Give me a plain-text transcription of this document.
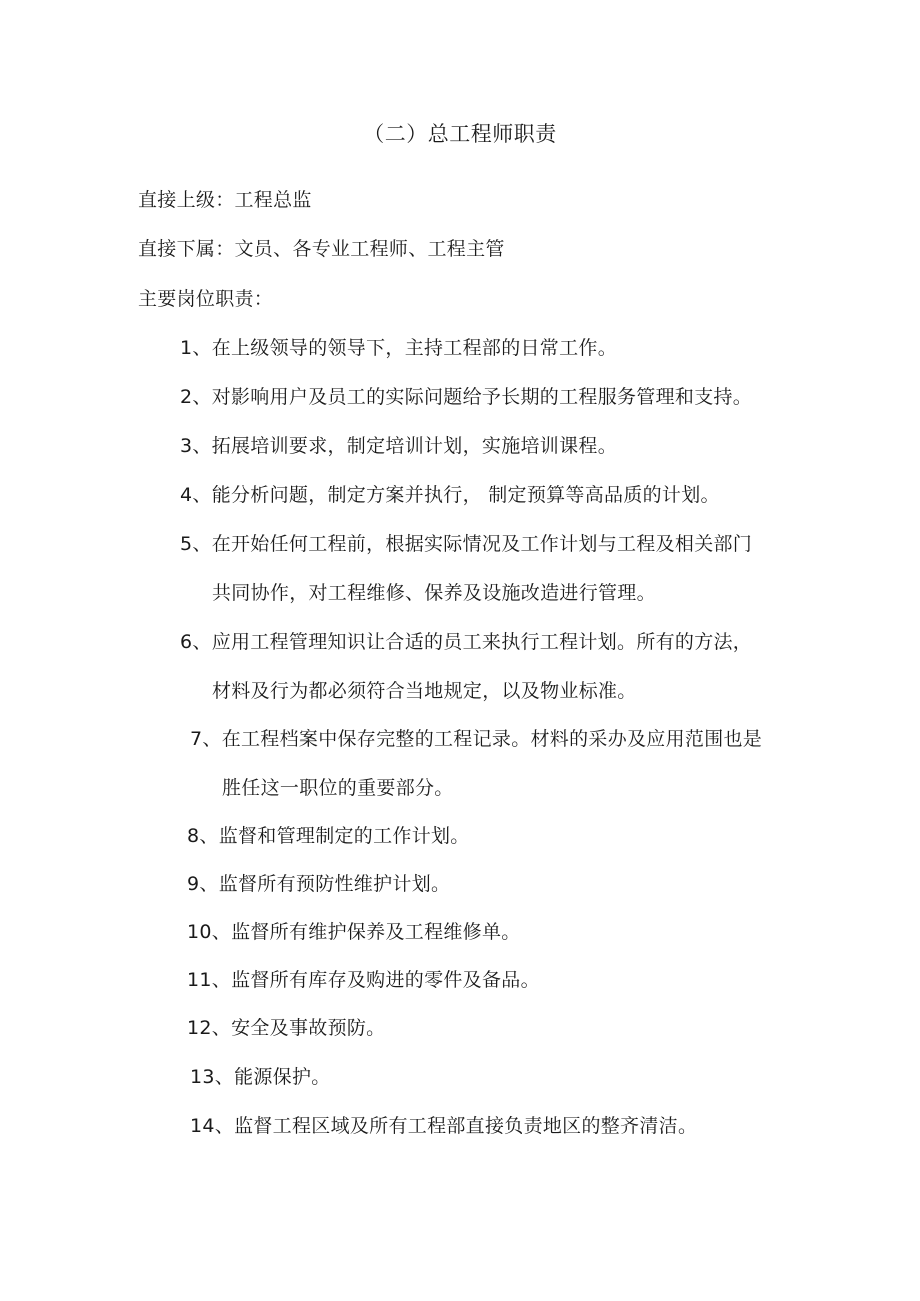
（二）总工程师职责
直接上级：工程总监
直接下属：文员、各专业工程师、工程主管
主要岗位职责：
1、在上级领导的领导下，主持工程部的日常工作。
2、对影响用户及员工的实际问题给予长期的工程服务管理和支持。
3、拓展培训要求，制定培训计划，实施培训课程。
4、能分析问题，制定方案并执行， 制定预算等高品质的计划。
5、在开始任何工程前，根据实际情况及工作计划与工程及相关部门
共同协作，对工程维修、保养及设施改造进行管理。
6、应用工程管理知识让合适的员工来执行工程计划。所有的方法，
材料及行为都必须符合当地规定，以及物业标准。
7、在工程档案中保存完整的工程记录。材料的采办及应用范围也是
胜任这一职位的重要部分。
8、监督和管理制定的工作计划。
9、监督所有预防性维护计划。
10、监督所有维护保养及工程维修单。
11、监督所有库存及购进的零件及备品。
12、安全及事故预防。
13、能源保护。
14、监督工程区域及所有工程部直接负责地区的整齐清洁。
